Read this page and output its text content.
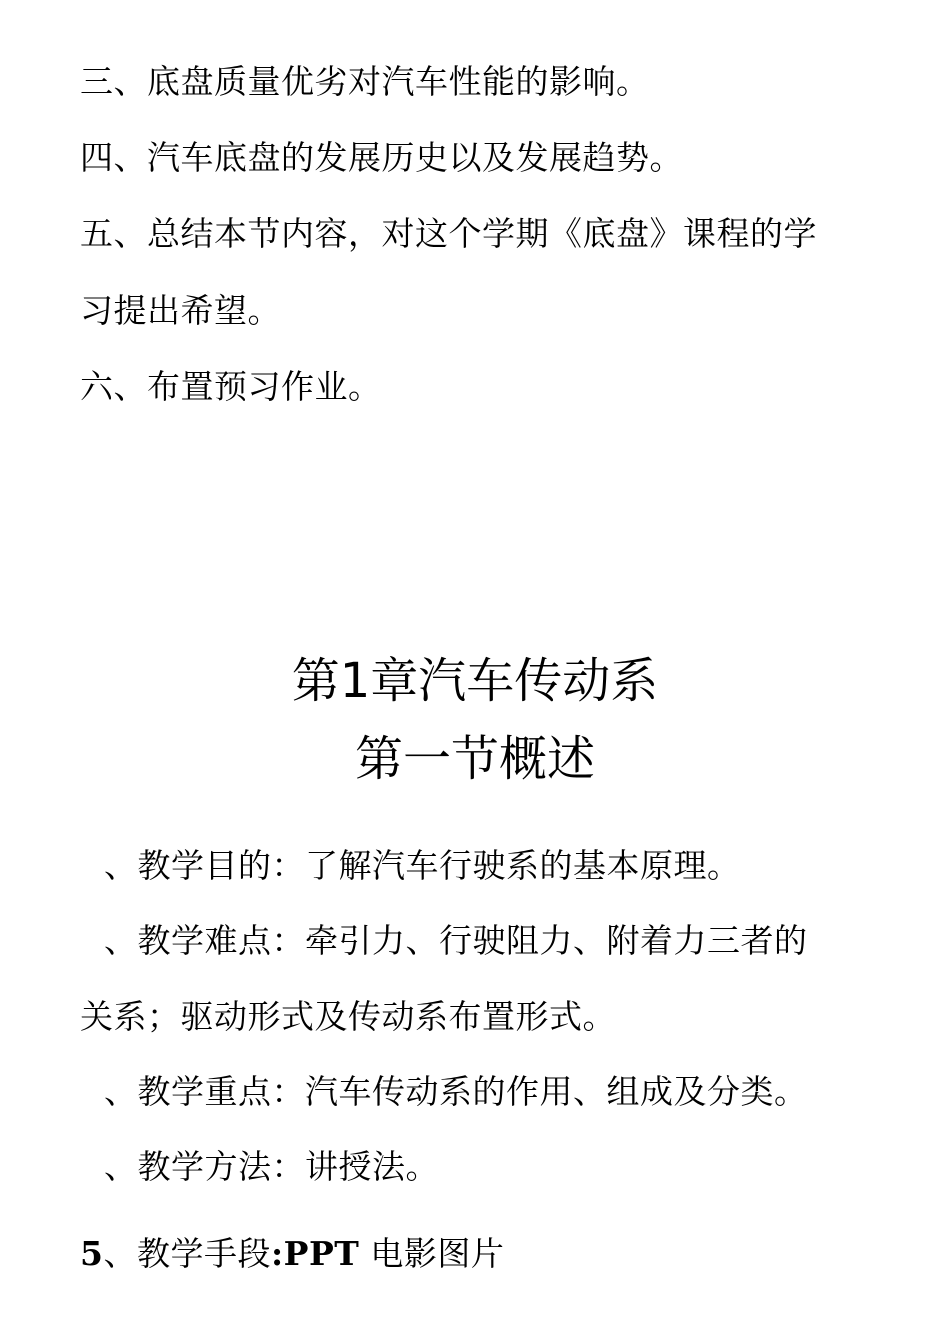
三、底盘质量优劣对汽车性能的影响。
四、汽车底盘的发展历史以及发展趋势。
五、总结本节内容，对这个学期《底盘》课程的学
习提出希望。
六、布置预习作业。
第1章汽车传动系
第一节概述
、教学目的：了解汽车行驶系的基本原理。
、教学难点：牵引力、行驶阻力、附着力三者的
关系；驱动形式及传动系布置形式。
、教学重点：汽车传动系的作用、组成及分类。
、教学方法：讲授法。
5、教学手段:PPT 电影图片
